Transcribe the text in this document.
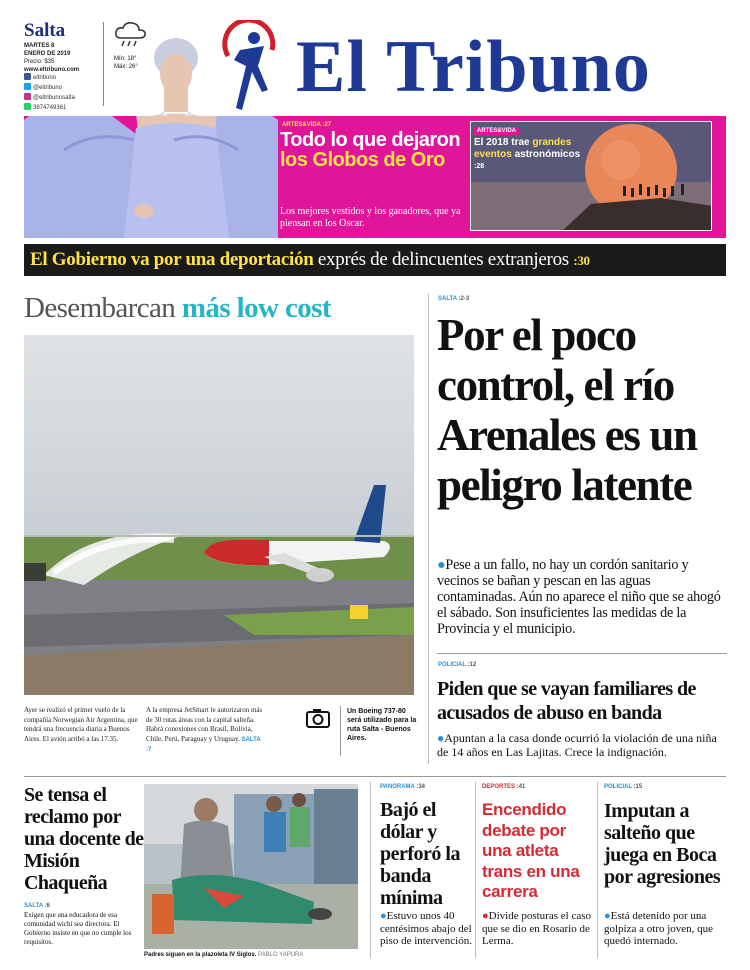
Salta
MARTES 8
ENERO DE 2019
Precio: $35
www.eltribuno.com
eltribuno
@eltribuno
@eltribunosalta
3874749361
Mín: 18°
Máx: 26° El Tribuno
ARTES&VIDA :27
Todo lo que dejaron los Globos de Oro
Los mejores vestidos y los ganadores, que ya piensan en los Oscar.
ARTES&VIDA
El 2018 trae grandes eventos astronómicos :28
El Gobierno va por una deportación exprés de delincuentes extranjeros :30
Desembarcan más low cost
Ayer se realizó el primer vuelo de la compañía Norwegian Air Argentina, que tendrá una frecuencia diaria a Buenos Aires. El avión arribó a las 17.35.
A la empresa JetSmart le autorizaron más de 30 rutas áreas con la capital salteña. Habrá conexiones con Brasil, Bolivia, Chile, Perú, Paraguay y Uruguay. SALTA :7
Un Boeing 737-80 será utilizado para la ruta Salta - Buenos Aires.
SALTA :2-3
Por el poco control, el río Arenales es un peligro latente
●Pese a un fallo, no hay un cordón sanitario y vecinos se bañan y pescan en las aguas contaminadas. Aún no aparece el niño que se ahogó el sábado. Son insuficientes las medidas de la Provincia y el municipio.
POLICIAL :12
Piden que se vayan familiares de acusados de abuso en banda
●Apuntan a la casa donde ocurrió la violación de una niña de 14 años en Las Lajitas. Crece la indignación.
Se tensa el reclamo por una docente de Misión Chaqueña
SALTA :6
Exigen que una educadora de esa comunidad wichí sea directora. El Gobierno insiste en que no cumple los requisitos.
Padres siguen en la plazoleta IV Siglos. PABLO YAPURA
PANORAMA :34
Bajó el dólar y perforó la banda mínima
●Estuvo unos 40 centésimos abajo del piso de intervención.
DEPORTES :41
Encendido debate por una atleta trans en una carrera
●Divide posturas el caso que se dio en Rosario de Lerma.
POLICIAL :15
Imputan a salteño que juega en Boca por agresiones
●Está detenido por una golpiza a otro joven, que quedó internado.
